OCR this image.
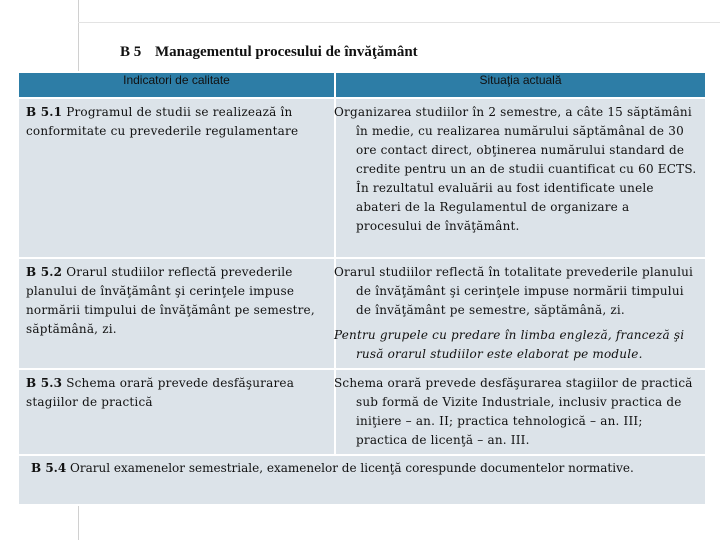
B 5 Managementul procesului de învăţământ
Indicatori de calitate	Situaţia actuală
B 5.1 Programul de studii se realizează în conformitate cu prevederile regulamentare	Organizarea studiilor în 2 semestre, a câte 15 săptămâni în medie, cu realizarea numărului săptămânal de 30 ore contact direct, obţinerea numărului standard de credite pentru un an de studii cuantificat cu 60 ECTS. În rezultatul evaluării au fost identificate unele abateri de la Regulamentul de organizare a procesului de învăţământ.

B 5.2 Orarul studiilor reflectă prevederile planului de învăţământ şi cerinţele impuse normării timpului de învăţământ pe semestre, săptămână, zi.	Orarul studiilor reflectă în totalitate prevederile planului de învăţământ şi cerinţele impuse normării timpului de învăţământ pe semestre, săptămână, zi.

Pentru grupele cu predare în limba engleză, franceză şi rusă orarul studiilor este elaborat pe module.

B 5.3 Schema orară prevede desfăşurarea stagiilor de practică	Schema orară prevede desfăşurarea stagiilor de practică sub formă de Vizite Industriale, inclusiv practica de iniţiere – an. II; practica tehnologică – an. III; practica de licenţă – an. III.

B 5.4 Orarul examenelor semestriale, examenelor de licenţă corespunde documentelor normative.	
